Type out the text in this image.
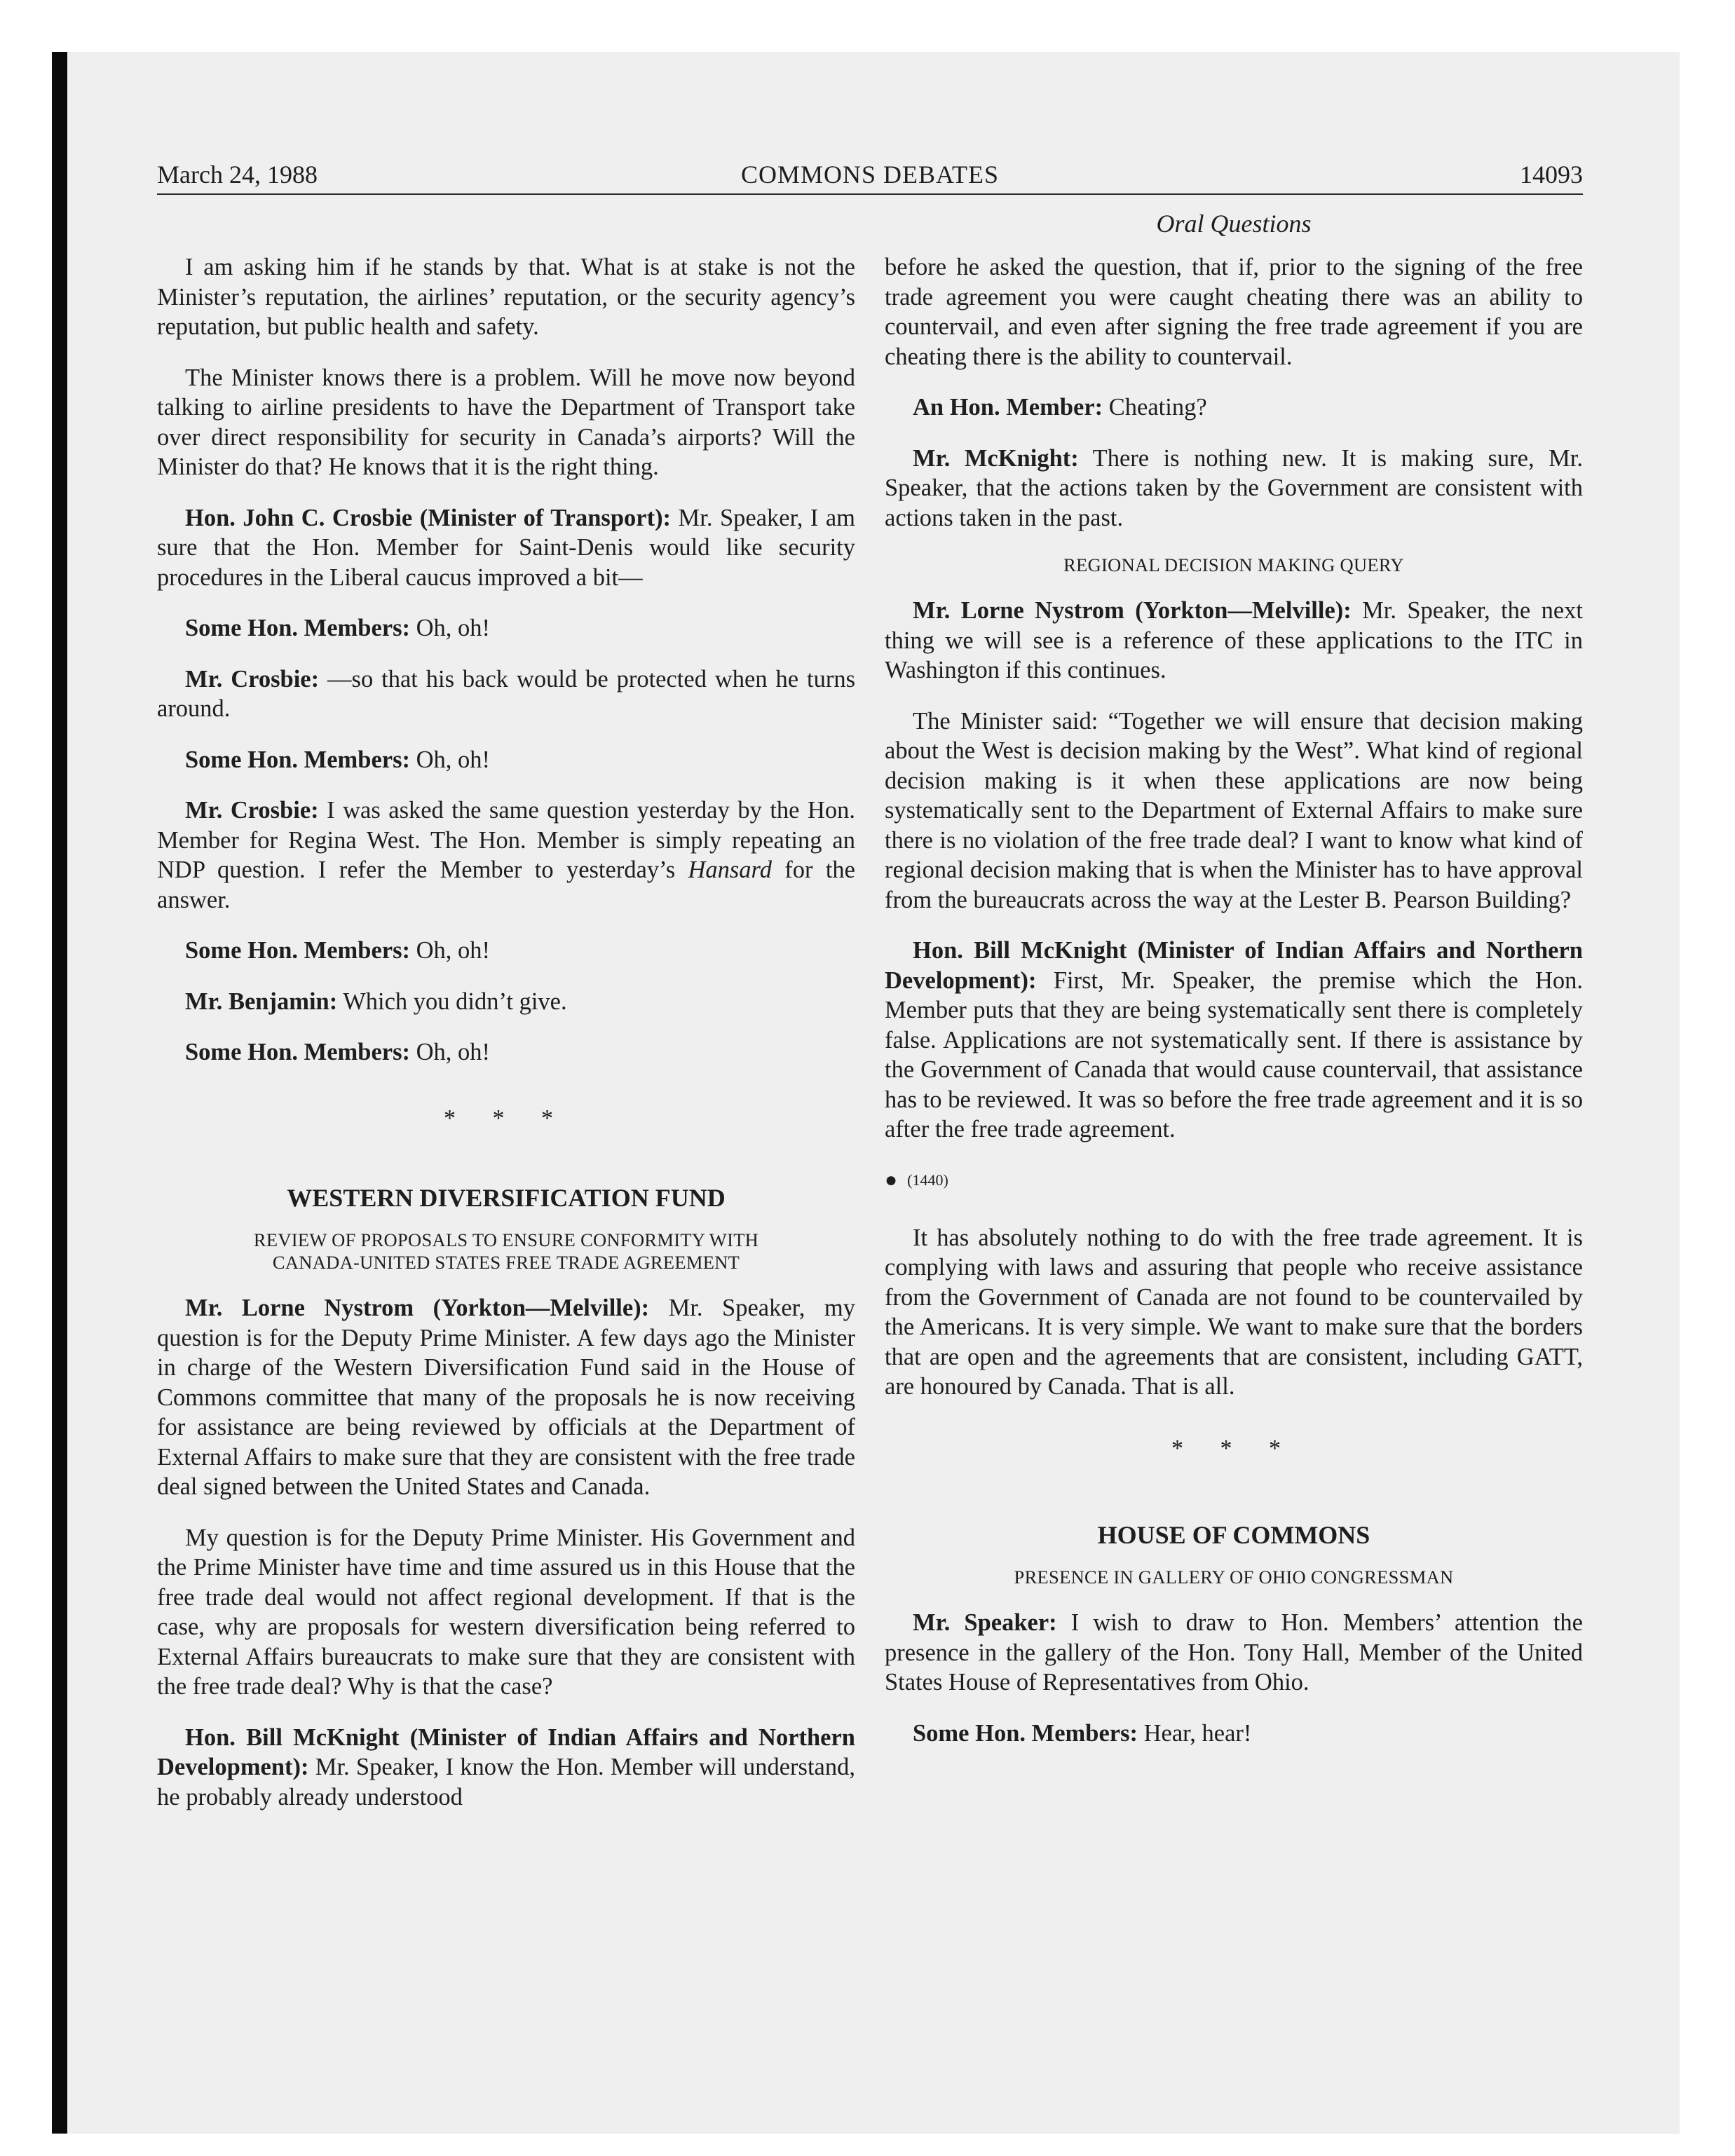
March 24, 1988	COMMONS DEBATES	14093
Oral Questions

I am asking him if he stands by that. What is at stake is not the Minister’s reputation, the airlines’ reputation, or the security agency’s reputation, but public health and safety.

The Minister knows there is a problem. Will he move now beyond talking to airline presidents to have the Department of Transport take over direct responsibility for security in Canada’s airports? Will the Minister do that? He knows that it is the right thing.

Hon. John C. Crosbie (Minister of Transport): Mr. Speaker, I am sure that the Hon. Member for Saint-Denis would like security procedures in the Liberal caucus improved a bit—

Some Hon. Members: Oh, oh!

Mr. Crosbie: —so that his back would be protected when he turns around.

Some Hon. Members: Oh, oh!

Mr. Crosbie: I was asked the same question yesterday by the Hon. Member for Regina West. The Hon. Member is simply repeating an NDP question. I refer the Member to yesterday’s Hansard for the answer.

Some Hon. Members: Oh, oh!

Mr. Benjamin: Which you didn’t give.

Some Hon. Members: Oh, oh!

* * *
WESTERN DIVERSIFICATION FUND
REVIEW OF PROPOSALS TO ENSURE CONFORMITY WITH
CANADA-UNITED STATES FREE TRADE AGREEMENT

Mr. Lorne Nystrom (Yorkton—Melville): Mr. Speaker, my question is for the Deputy Prime Minister. A few days ago the Minister in charge of the Western Diversification Fund said in the House of Commons committee that many of the proposals he is now receiving for assistance are being reviewed by officials at the Department of External Affairs to make sure that they are consistent with the free trade deal signed between the United States and Canada.

My question is for the Deputy Prime Minister. His Government and the Prime Minister have time and time assured us in this House that the free trade deal would not affect regional development. If that is the case, why are proposals for western diversification being referred to External Affairs bureaucrats to make sure that they are consistent with the free trade deal? Why is that the case?

Hon. Bill McKnight (Minister of Indian Affairs and Northern Development): Mr. Speaker, I know the Hon. Member will understand, he probably already understood

before he asked the question, that if, prior to the signing of the free trade agreement you were caught cheating there was an ability to countervail, and even after signing the free trade agreement if you are cheating there is the ability to countervail.

An Hon. Member: Cheating?

Mr. McKnight: There is nothing new. It is making sure, Mr. Speaker, that the actions taken by the Government are consistent with actions taken in the past.

REGIONAL DECISION MAKING QUERY

Mr. Lorne Nystrom (Yorkton—Melville): Mr. Speaker, the next thing we will see is a reference of these applications to the ITC in Washington if this continues.

The Minister said: “Together we will ensure that decision making about the West is decision making by the West”. What kind of regional decision making is it when these applications are now being systematically sent to the Department of External Affairs to make sure there is no violation of the free trade deal? I want to know what kind of regional decision making that is when the Minister has to have approval from the bureaucrats across the way at the Lester B. Pearson Building?

Hon. Bill McKnight (Minister of Indian Affairs and Northern Development): First, Mr. Speaker, the premise which the Hon. Member puts that they are being systematically sent there is completely false. Applications are not systematically sent. If there is assistance by the Government of Canada that would cause countervail, that assistance has to be reviewed. It was so before the free trade agreement and it is so after the free trade agreement.

● (1440)

It has absolutely nothing to do with the free trade agreement. It is complying with laws and assuring that people who receive assistance from the Government of Canada are not found to be countervailed by the Americans. It is very simple. We want to make sure that the borders that are open and the agreements that are consistent, including GATT, are honoured by Canada. That is all.

* * *
HOUSE OF COMMONS
PRESENCE IN GALLERY OF OHIO CONGRESSMAN

Mr. Speaker: I wish to draw to Hon. Members’ attention the presence in the gallery of the Hon. Tony Hall, Member of the United States House of Representatives from Ohio.

Some Hon. Members: Hear, hear!
